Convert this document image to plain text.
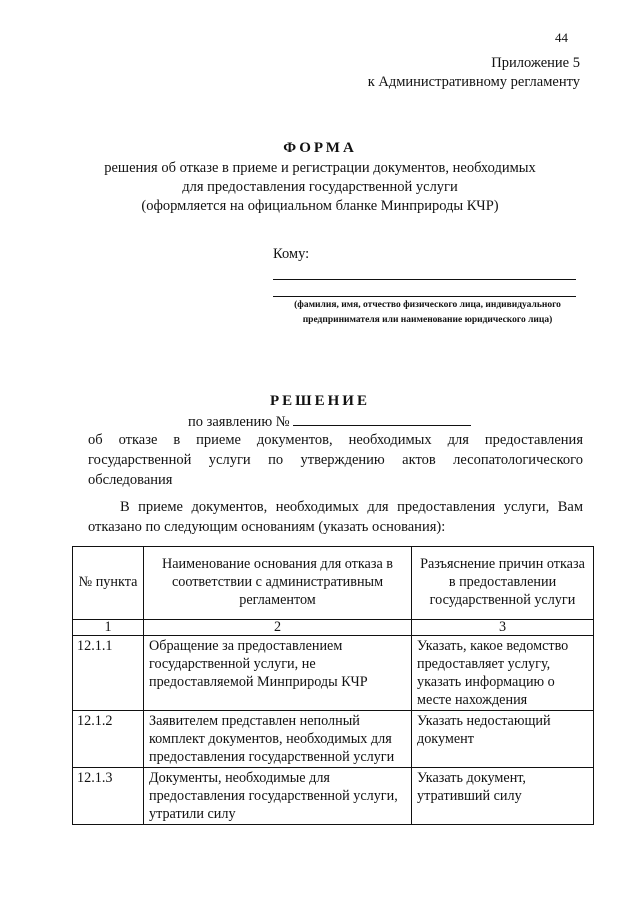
44
Приложение 5
к Административному регламенту
ФОРМА
решения об отказе в приеме и регистрации документов, необходимых
для предоставления государственной услуги
(оформляется на официальном бланке Минприроды КЧР)
Кому:
(фамилия, имя, отчество физического лица, индивидуального
предпринимателя или наименование юридического лица)
РЕШЕНИЕ
по заявлению №
об отказе в приеме документов, необходимых для предоставления государственной услуги по утверждению актов лесопатологического обследования
В приеме документов, необходимых для предоставления услуги, Вам отказано по следующим основаниям (указать основания):
№ пункта	Наименование основания для отказа в соответствии с административным регламентом	Разъяснение причин отказа в предоставлении государственной услуги
1	2	3
12.1.1	Обращение за предоставлением государственной услуги, не предоставляемой Минприроды КЧР	Указать, какое ведомство предоставляет услугу, указать информацию о месте нахождения
12.1.2	Заявителем представлен неполный комплект документов, необходимых для предоставления государственной услуги	Указать недостающий документ
12.1.3	Документы, необходимые для предоставления государственной услуги, утратили силу	Указать документ, утративший силу
